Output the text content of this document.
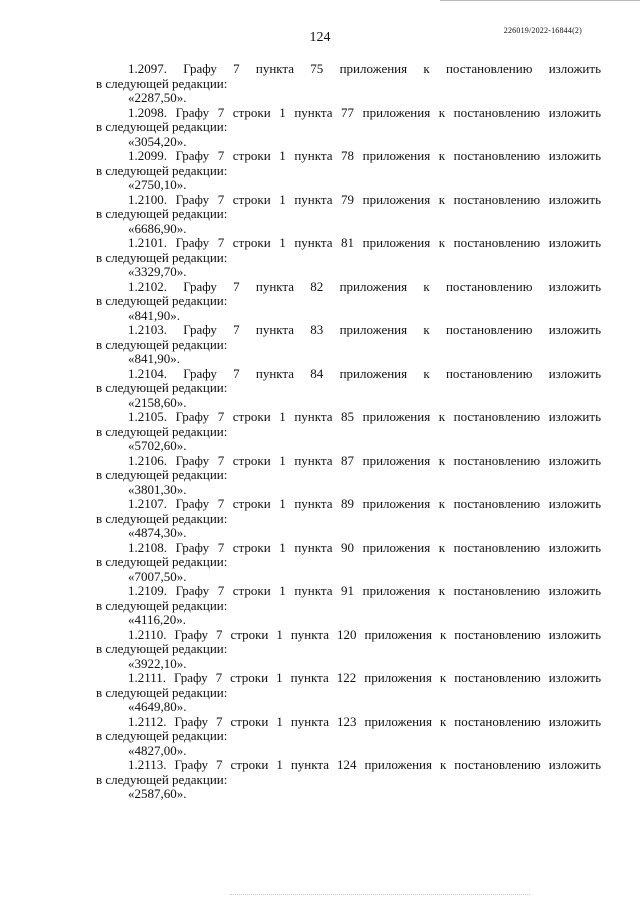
124	226019/2022-16844(2)
1.2097. Графу 7 пункта 75 приложения к постановлению изложить
в следующей редакции:
«2287,50».
1.2098. Графу 7 строки 1 пункта 77 приложения к постановлению изложить
в следующей редакции:
«3054,20».
1.2099. Графу 7 строки 1 пункта 78 приложения к постановлению изложить
в следующей редакции:
«2750,10».
1.2100. Графу 7 строки 1 пункта 79 приложения к постановлению изложить
в следующей редакции:
«6686,90».
1.2101. Графу 7 строки 1 пункта 81 приложения к постановлению изложить
в следующей редакции:
«3329,70».
1.2102. Графу 7 пункта 82 приложения к постановлению изложить
в следующей редакции:
«841,90».
1.2103. Графу 7 пункта 83 приложения к постановлению изложить
в следующей редакции:
«841,90».
1.2104. Графу 7 пункта 84 приложения к постановлению изложить
в следующей редакции:
«2158,60».
1.2105. Графу 7 строки 1 пункта 85 приложения к постановлению изложить
в следующей редакции:
«5702,60».
1.2106. Графу 7 строки 1 пункта 87 приложения к постановлению изложить
в следующей редакции:
«3801,30».
1.2107. Графу 7 строки 1 пункта 89 приложения к постановлению изложить
в следующей редакции:
«4874,30».
1.2108. Графу 7 строки 1 пункта 90 приложения к постановлению изложить
в следующей редакции:
«7007,50».
1.2109. Графу 7 строки 1 пункта 91 приложения к постановлению изложить
в следующей редакции:
«4116,20».
1.2110. Графу 7 строки 1 пункта 120 приложения к постановлению изложить
в следующей редакции:
«3922,10».
1.2111. Графу 7 строки 1 пункта 122 приложения к постановлению изложить
в следующей редакции:
«4649,80».
1.2112. Графу 7 строки 1 пункта 123 приложения к постановлению изложить
в следующей редакции:
«4827,00».
1.2113. Графу 7 строки 1 пункта 124 приложения к постановлению изложить
в следующей редакции:
«2587,60».
